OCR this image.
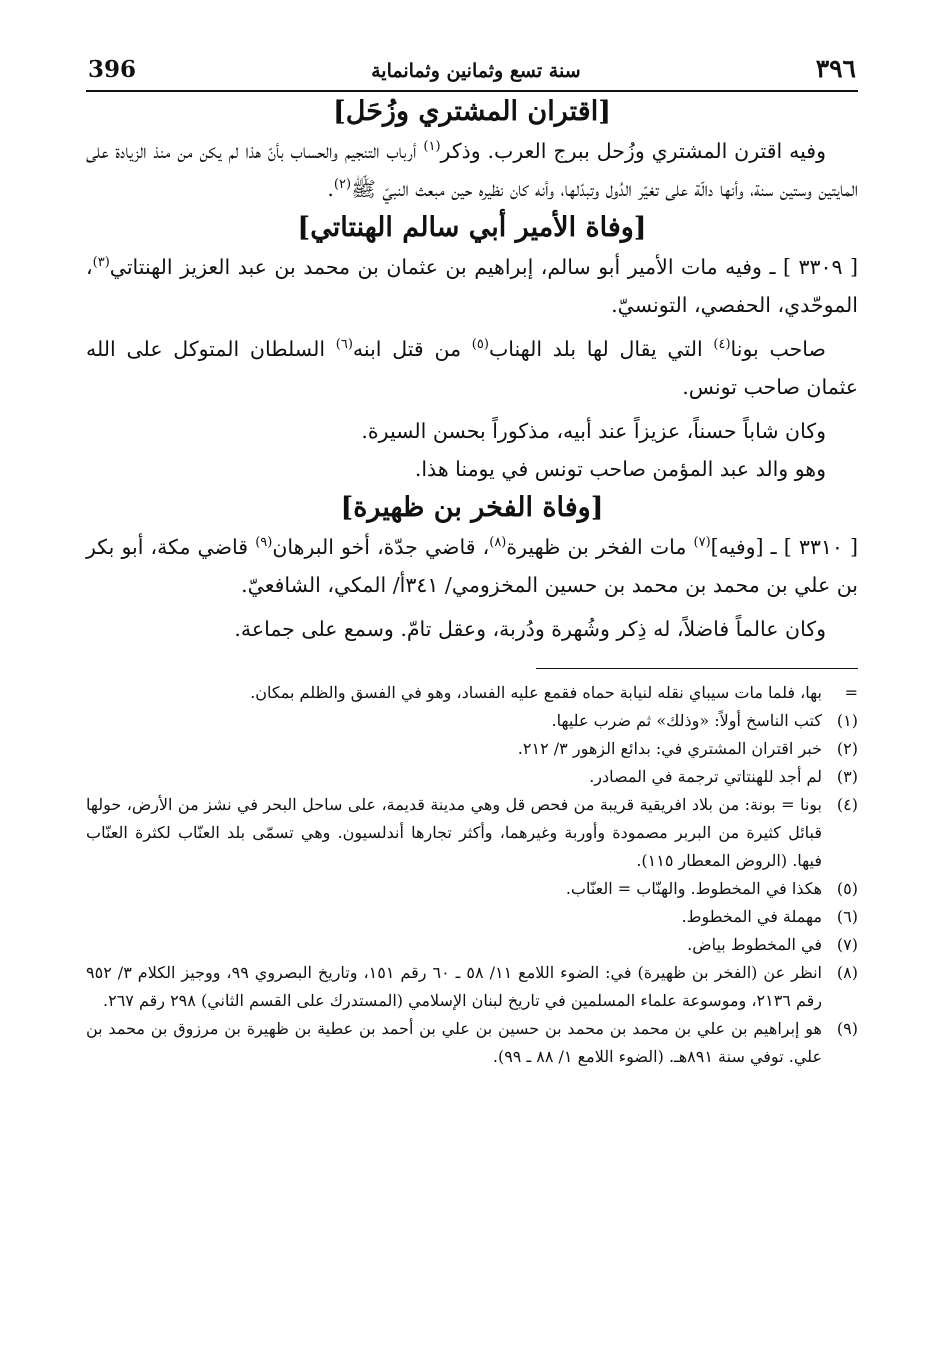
٣٩٦
سنة تسع وثمانين وثمانماية
396
[اقتران المشتري وزُحَل]

وفيه اقترن المشتري وزُحل ببرج العرب. وذكر$^{(١)}$ أرباب التنجيم والحساب بأنّ هذا لم يكن من منذ الزيادة على المايتين وستين سنة، وأنها دالّة على تغيّر الدُول وتبدّلها، وأنه كان نظيره حين مبعث النبيّ ﷺ$^{(٢)}$.

[وفاة الأمير أبي سالم الهنتاتي]

[ ٣٣٠٩ ] ـ وفيه مات الأمير أبو سالم، إبراهيم بن عثمان بن محمد بن عبد العزيز الهنتاتي$^{(٣)}$، الموحّدي، الحفصي، التونسيّ.

صاحب بونا$^{(٤)}$ التي يقال لها بلد الهناب$^{(٥)}$ من قتل ابنه$^{(٦)}$ السلطان المتوكل على الله عثمان صاحب تونس.

وكان شاباً حسناً، عزيزاً عند أبيه، مذكوراً بحسن السيرة.

وهو والد عبد المؤمن صاحب تونس في يومنا هذا.

[وفاة الفخر بن ظهيرة]

[ ٣٣١٠ ] ـ [وفيه]$^{(٧)}$ مات الفخر بن ظهيرة$^{(٨)}$، قاضي جدّة، أخو البرهان$^{(٩)}$ قاضي مكة، أبو بكر بن علي بن محمد بن محمد بن حسين المخزومي/ ٣٤١أ/ المكي، الشافعيّ.

وكان عالماً فاضلاً، له ذِكر وشُهرة ودُربة، وعقل تامّ. وسمع على جماعة.

=
بها، فلما مات سيباي نقله لنيابة حماه فقمع عليه الفساد، وهو في الفسق والظلم بمكان.
(١)
كتب الناسخ أولاً: «وذلك» ثم ضرب عليها.
(٢)
خبر اقتران المشتري في: بدائع الزهور ٣/ ٢١٢.
(٣)
لم أجد للهنتاتي ترجمة في المصادر.
(٤)
بونا = بونة: من بلاد افريقية قريبة من فحص قل وهي مدينة قديمة، على ساحل البحر في نشز من الأرض، حولها قبائل كثيرة من البربر مصمودة وأوربة وغيرهما، وأكثر تجارها أندلسيون. وهي تسمّى بلد العنّاب لكثرة العنّاب فيها. (الروض المعطار ١١٥).
(٥)
هكذا في المخطوط. والهنّاب = العنّاب.
(٦)
مهملة في المخطوط.
(٧)
في المخطوط بياض.
(٨)
انظر عن (الفخر بن ظهيرة) في: الضوء اللامع ١١/ ٥٨ ـ ٦٠ رقم ١٥١، وتاريخ البصروي ٩٩، ووجيز الكلام ٣/ ٩٥٢ رقم ٢١٣٦، وموسوعة علماء المسلمين في تاريخ لبنان الإسلامي (المستدرك على القسم الثاني) ٢٩٨ رقم ٢٦٧.
(٩)
هو إبراهيم بن علي بن محمد بن محمد بن حسين بن علي بن أحمد بن عطية بن ظهيرة بن مرزوق بن محمد بن علي. توفي سنة ٨٩١هـ. (الضوء اللامع ١/ ٨٨ ـ ٩٩).
